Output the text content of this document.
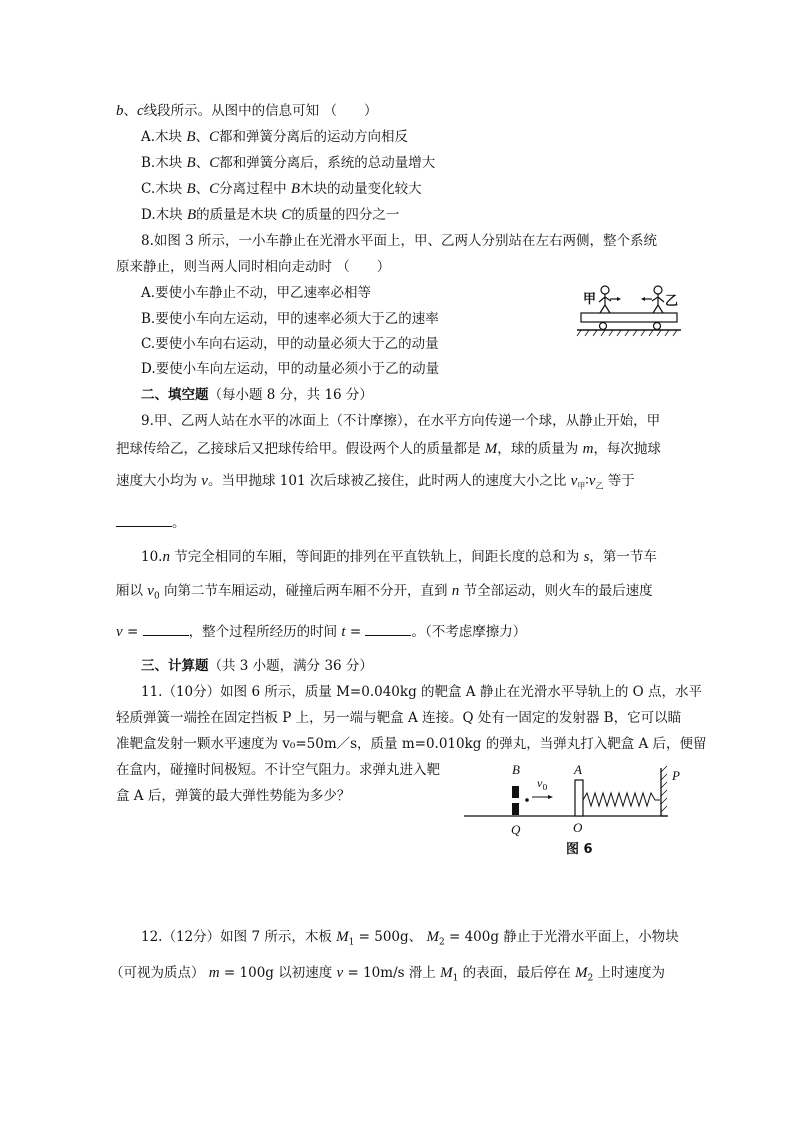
b、c线段所示。从图中的信息可知 （　　）
A.木块 B、C都和弹簧分离后的运动方向相反
B.木块 B、C都和弹簧分离后，系统的总动量增大
C.木块 B、C分离过程中 B木块的动量变化较大
D.木块 B的质量是木块 C的质量的四分之一
8.如图 3 所示，一小车静止在光滑水平面上，甲、乙两人分别站在左右两侧，整个系统
原来静止，则当两人同时相向走动时 （　　）
A.要使小车静止不动，甲乙速率必相等
B.要使小车向左运动，甲的速率必须大于乙的速率
C.要使小车向右运动，甲的动量必须大于乙的动量
D.要使小车向左运动，甲的动量必须小于乙的动量
甲	乙
二、填空题（每小题 8 分，共 16 分）
9.甲、乙两人站在水平的冰面上（不计摩擦），在水平方向传递一个球，从静止开始，甲
把球传给乙，乙接球后又把球传给甲。假设两个人的质量都是 M，球的质量为 m，每次抛球
速度大小均为 v。当甲抛球 101 次后球被乙接住，此时两人的速度大小之比 $v_甲∶v_乙$ 等于
。
10.n 节完全相同的车厢，等间距的排列在平直铁轨上，间距长度的总和为 s，第一节车
厢以 $v_0$ 向第二节车厢运动，碰撞后两车厢不分开，直到 n 节全部运动，则火车的最后速度
v =	，整个过程所经历的时间 t =	。（不考虑摩擦力）
三、计算题（共 3 小题，满分 36 分）
11.（10分）如图 6 所示，质量 M=0.040kg 的靶盒 A 静止在光滑水平导轨上的 O 点，水平
轻质弹簧一端拴在固定挡板 P 上，另一端与靶盒 A 连接。Q 处有一固定的发射器 B，它可以瞄
准靶盒发射一颗水平速度为 v₀=50m／s，质量 m=0.010kg 的弹丸，当弹丸打入靶盒 A 后，便留
在盒内，碰撞时间极短。不计空气阻力。求弹丸进入靶
盒 A 后，弹簧的最大弹性势能为多少？
B	A	P
Q	O
$v_0$
图 6
12.（12分）如图 7 所示，木板 $M_1 = 500g$、 $M_2 = 400g$ 静止于光滑水平面上，小物块
（可视为质点） m = 100g 以初速度 v = 10m/s 滑上 $M_1$ 的表面，最后停在 $M_2$ 上时速度为
